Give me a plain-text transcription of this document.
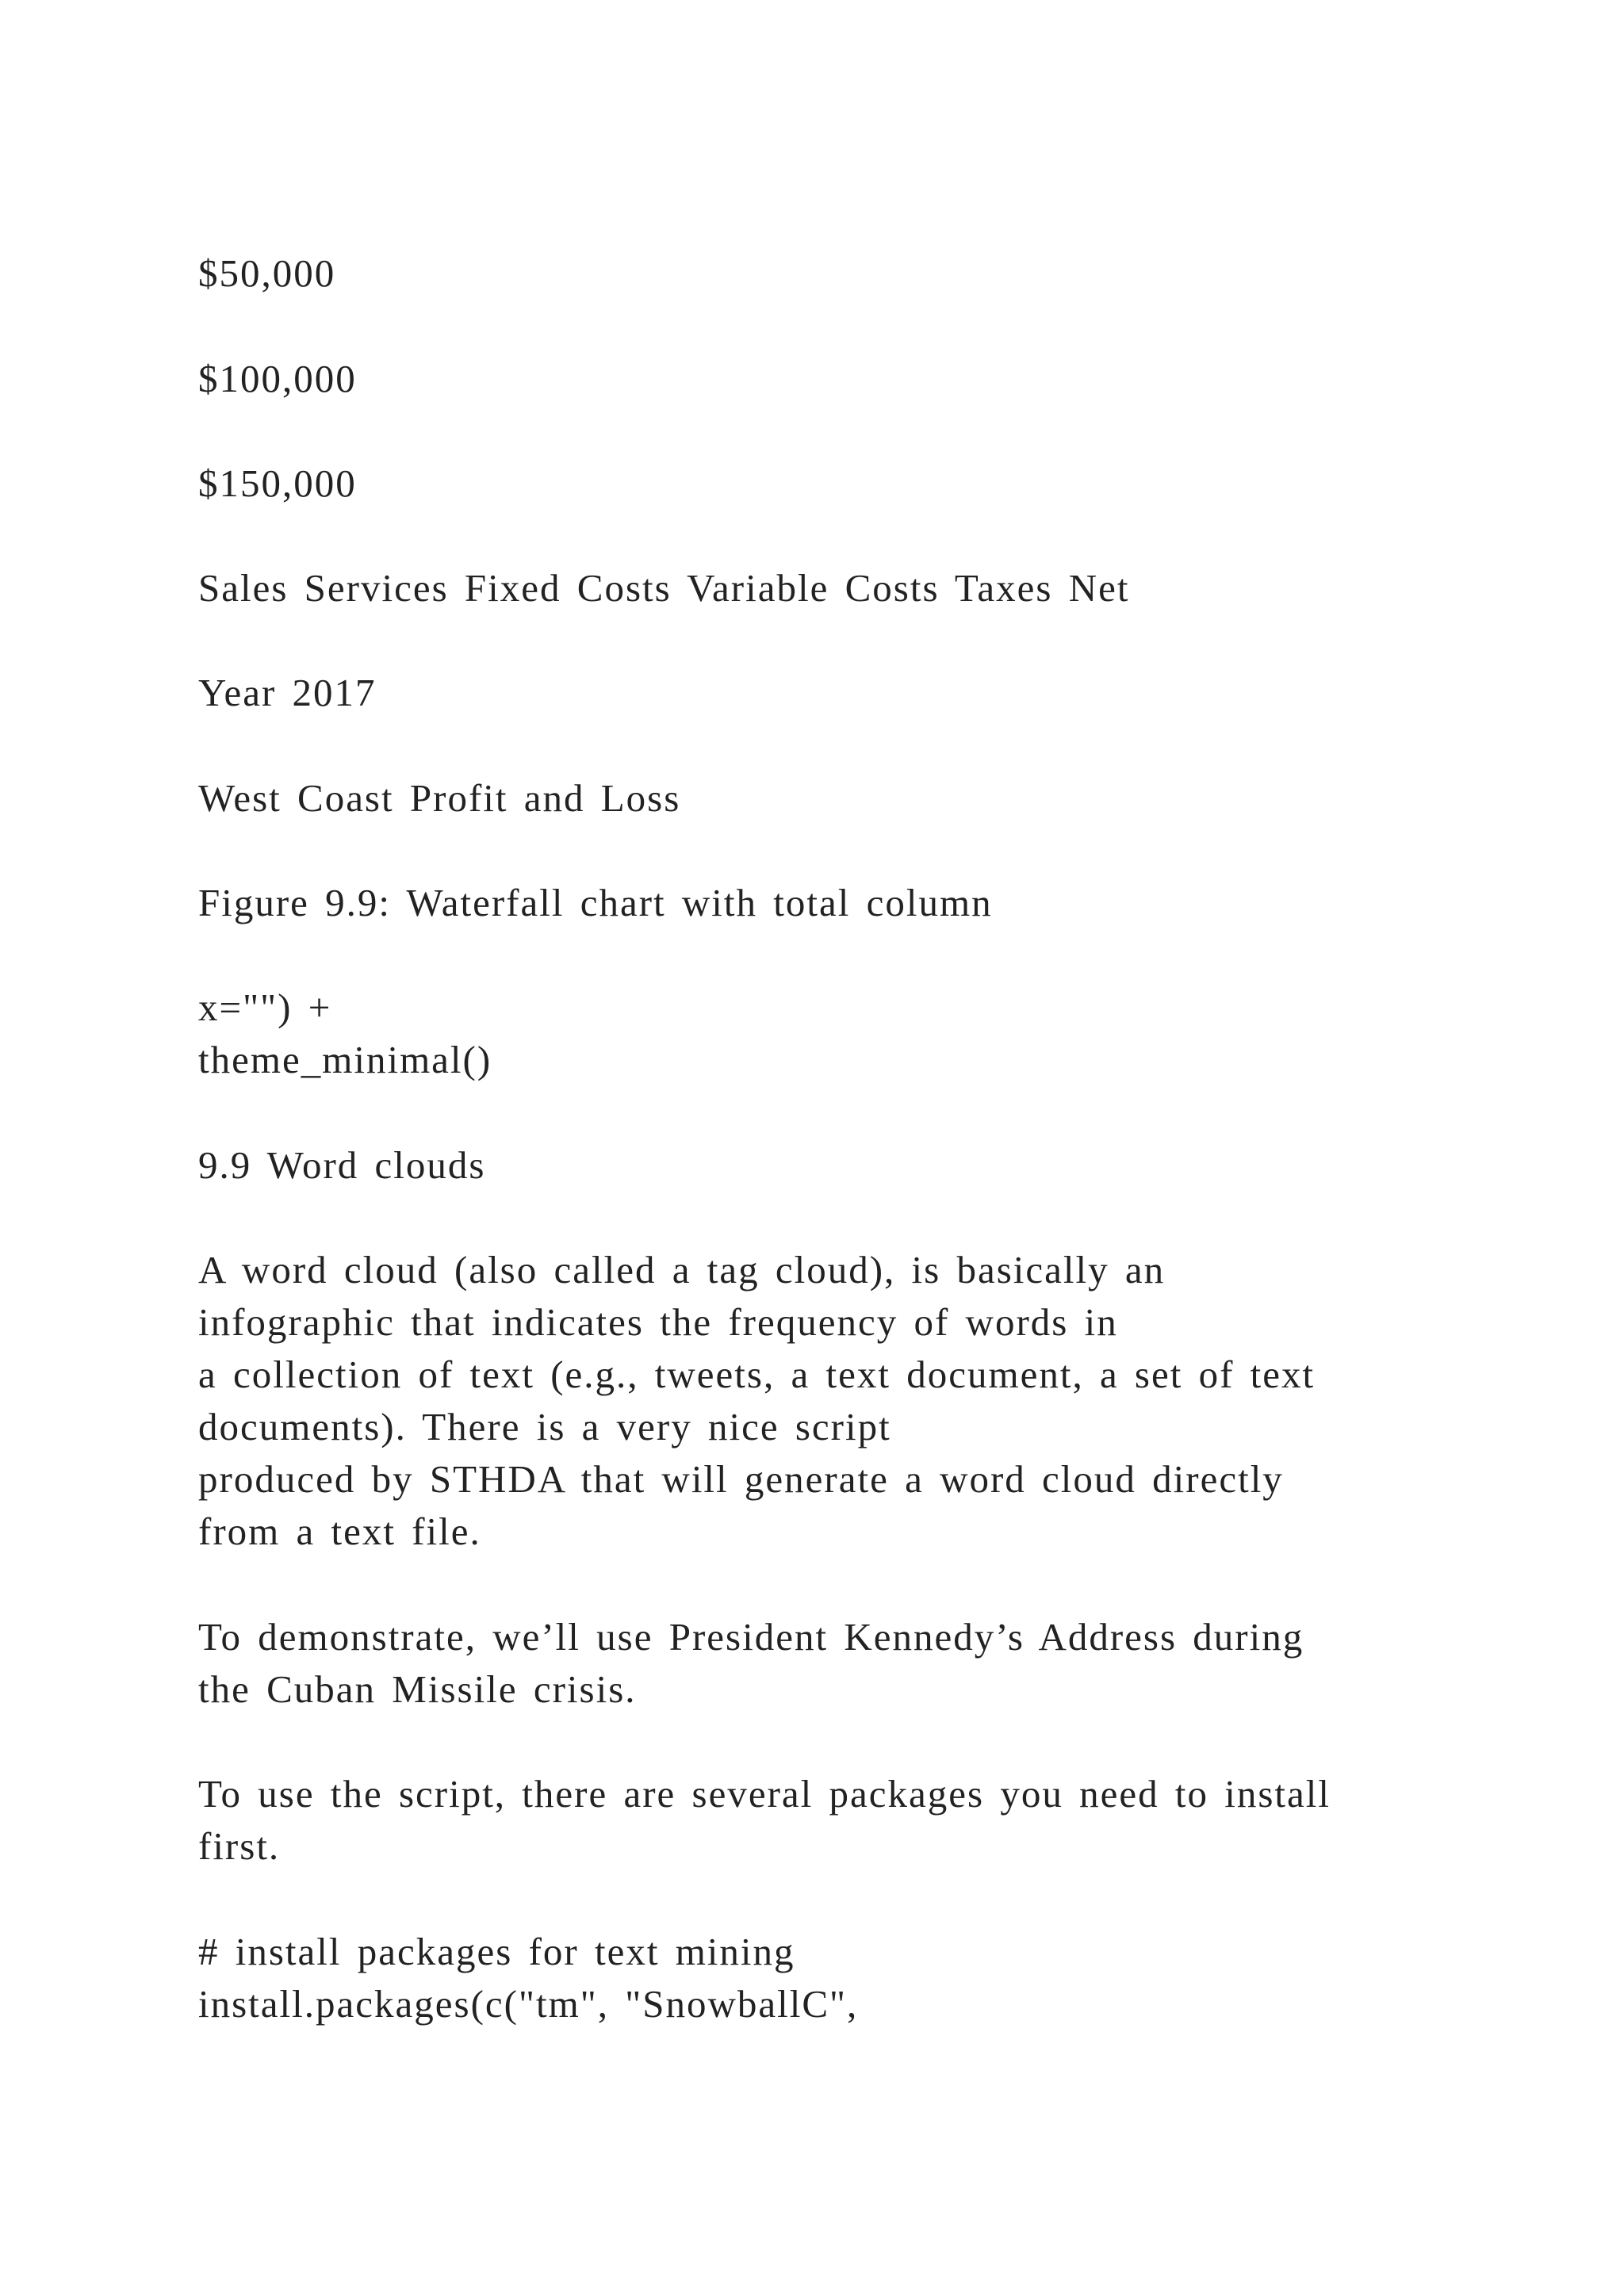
$50,000

$100,000

$150,000

Sales Services Fixed Costs Variable Costs Taxes Net

Year 2017

West Coast Profit and Loss

Figure 9.9: Waterfall chart with total column

x="") +

theme_minimal()

9.9 Word clouds

A word cloud (also called a tag cloud), is basically an

infographic that indicates the frequency of words in

a collection of text (e.g., tweets, a text document, a set of text

documents). There is a very nice script

produced by STHDA that will generate a word cloud directly

from a text file.

To demonstrate, we’ll use President Kennedy’s Address during

the Cuban Missile crisis.

To use the script, there are several packages you need to install

first.

# install packages for text mining

install.packages(c("tm", "SnowballC",
